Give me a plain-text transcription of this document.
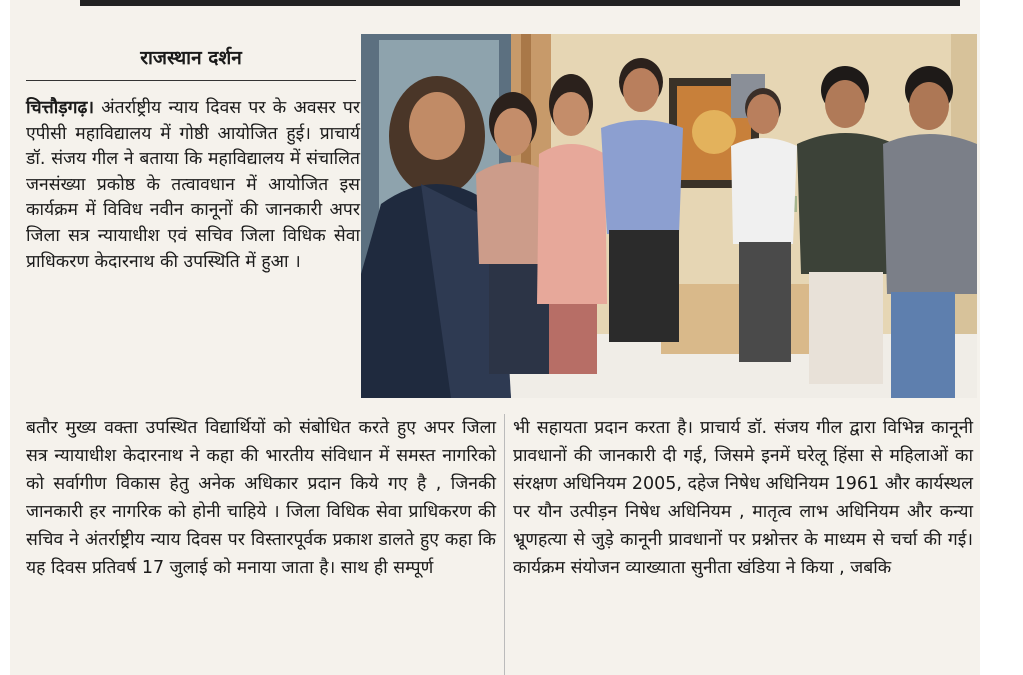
राजस्थान दर्शन
चित्तौड़गढ़। अंतर्राष्ट्रीय न्याय दिवस पर के अवसर पर एपीसी महाविद्यालय में गोष्ठी आयोजित हुई। प्राचार्य डॉ. संजय गील ने बताया कि महाविद्यालय में संचालित जनसंख्या प्रकोष्ठ के तत्वावधान में आयोजित इस कार्यक्रम में विविध नवीन कानूनों की जानकारी अपर जिला सत्र न्यायाधीश एवं सचिव जिला विधिक सेवा प्राधिकरण केदारनाथ की उपस्थिति में हुआ ।
बतौर मुख्य वक्ता उपस्थित विद्यार्थियों को संबोधित करते हुए अपर जिला सत्र न्यायाधीश केदारनाथ ने कहा की भारतीय संविधान में समस्त नागरिको को सर्वागीण विकास हेतु अनेक अधिकार प्रदान किये गए है , जिनकी जानकारी हर नागरिक को होनी चाहिये । जिला विधिक सेवा प्राधिकरण की सचिव ने अंतर्राष्ट्रीय न्याय दिवस पर विस्तारपूर्वक प्रकाश डालते हुए कहा कि यह दिवस प्रतिवर्ष 17 जुलाई को मनाया जाता है। साथ ही सम्पूर्ण
भी सहायता प्रदान करता है। प्राचार्य डॉ. संजय गील द्वारा विभिन्न कानूनी प्रावधानों की जानकारी दी गई, जिसमे इनमें घरेलू हिंसा से महिलाओं का संरक्षण अधिनियम 2005, दहेज निषेध अधिनियम 1961 और कार्यस्थल पर यौन उत्पीड़न निषेध अधिनियम , मातृत्व लाभ अधिनियम और कन्या भ्रूणहत्या से जुड़े कानूनी प्रावधानों पर प्रश्नोत्तर के माध्यम से चर्चा की गई। कार्यक्रम संयोजन व्याख्याता सुनीता खंडिया ने किया , जबकि
